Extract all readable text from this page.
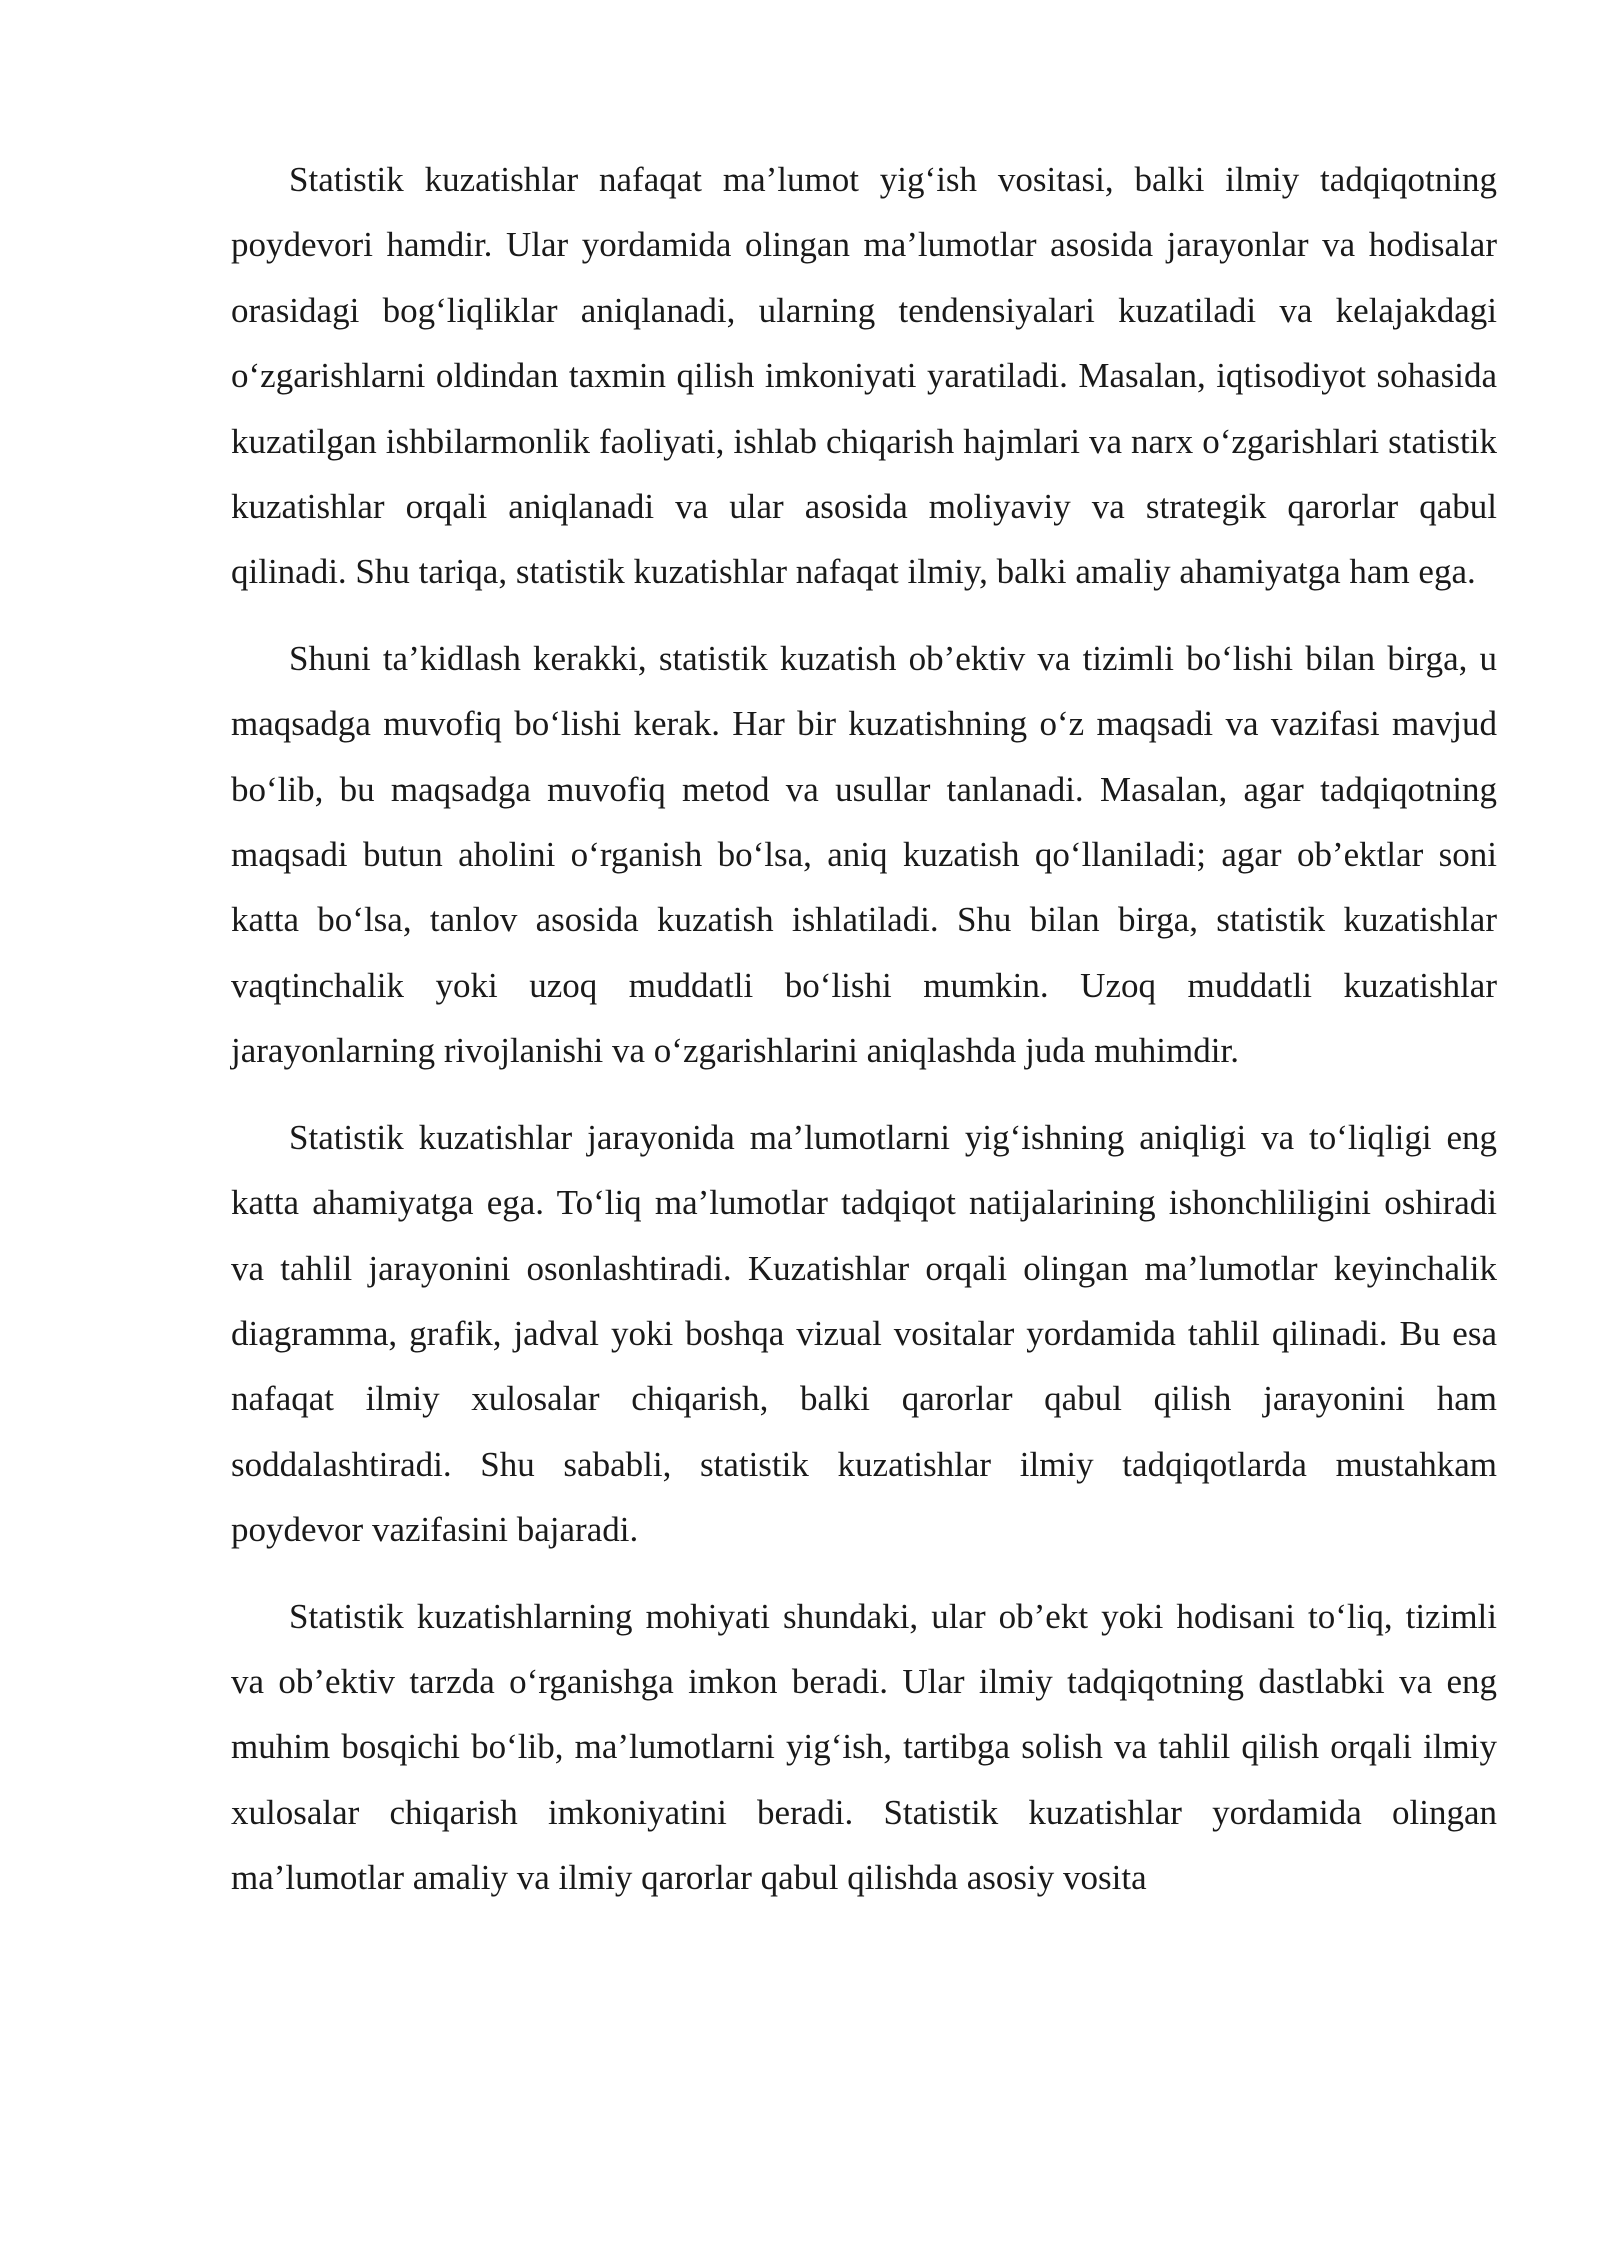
Statistik kuzatishlar nafaqat ma’lumot yig‘ish vositasi, balki ilmiy tadqiqotning poydevori hamdir. Ular yordamida olingan ma’lumotlar asosida jarayonlar va hodisalar orasidagi bog‘liqliklar aniqlanadi, ularning tendensiyalari kuzatiladi va kelajakdagi o‘zgarishlarni oldindan taxmin qilish imkoniyati yaratiladi. Masalan, iqtisodiyot sohasida kuzatilgan ishbilarmonlik faoliyati, ishlab chiqarish hajmlari va narx o‘zgarishlari statistik kuzatishlar orqali aniqlanadi va ular asosida moliyaviy va strategik qarorlar qabul qilinadi. Shu tariqa, statistik kuzatishlar nafaqat ilmiy, balki amaliy ahamiyatga ham ega.

Shuni ta’kidlash kerakki, statistik kuzatish ob’ektiv va tizimli bo‘lishi bilan birga, u maqsadga muvofiq bo‘lishi kerak. Har bir kuzatishning o‘z maqsadi va vazifasi mavjud bo‘lib, bu maqsadga muvofiq metod va usullar tanlanadi. Masalan, agar tadqiqotning maqsadi butun aholini o‘rganish bo‘lsa, aniq kuzatish qo‘llaniladi; agar ob’ektlar soni katta bo‘lsa, tanlov asosida kuzatish ishlatiladi. Shu bilan birga, statistik kuzatishlar vaqtinchalik yoki uzoq muddatli bo‘lishi mumkin. Uzoq muddatli kuzatishlar jarayonlarning rivojlanishi va o‘zgarishlarini aniqlashda juda muhimdir.

Statistik kuzatishlar jarayonida ma’lumotlarni yig‘ishning aniqligi va to‘liqligi eng katta ahamiyatga ega. To‘liq ma’lumotlar tadqiqot natijalarining ishonchliligini oshiradi va tahlil jarayonini osonlashtiradi. Kuzatishlar orqali olingan ma’lumotlar keyinchalik diagramma, grafik, jadval yoki boshqa vizual vositalar yordamida tahlil qilinadi. Bu esa nafaqat ilmiy xulosalar chiqarish, balki qarorlar qabul qilish jarayonini ham soddalashtiradi. Shu sababli, statistik kuzatishlar ilmiy tadqiqotlarda mustahkam poydevor vazifasini bajaradi.

Statistik kuzatishlarning mohiyati shundaki, ular ob’ekt yoki hodisani to‘liq, tizimli va ob’ektiv tarzda o‘rganishga imkon beradi. Ular ilmiy tadqiqotning dastlabki va eng muhim bosqichi bo‘lib, ma’lumotlarni yig‘ish, tartibga solish va tahlil qilish orqali ilmiy xulosalar chiqarish imkoniyatini beradi. Statistik kuzatishlar yordamida olingan ma’lumotlar amaliy va ilmiy qarorlar qabul qilishda asosiy vosita
